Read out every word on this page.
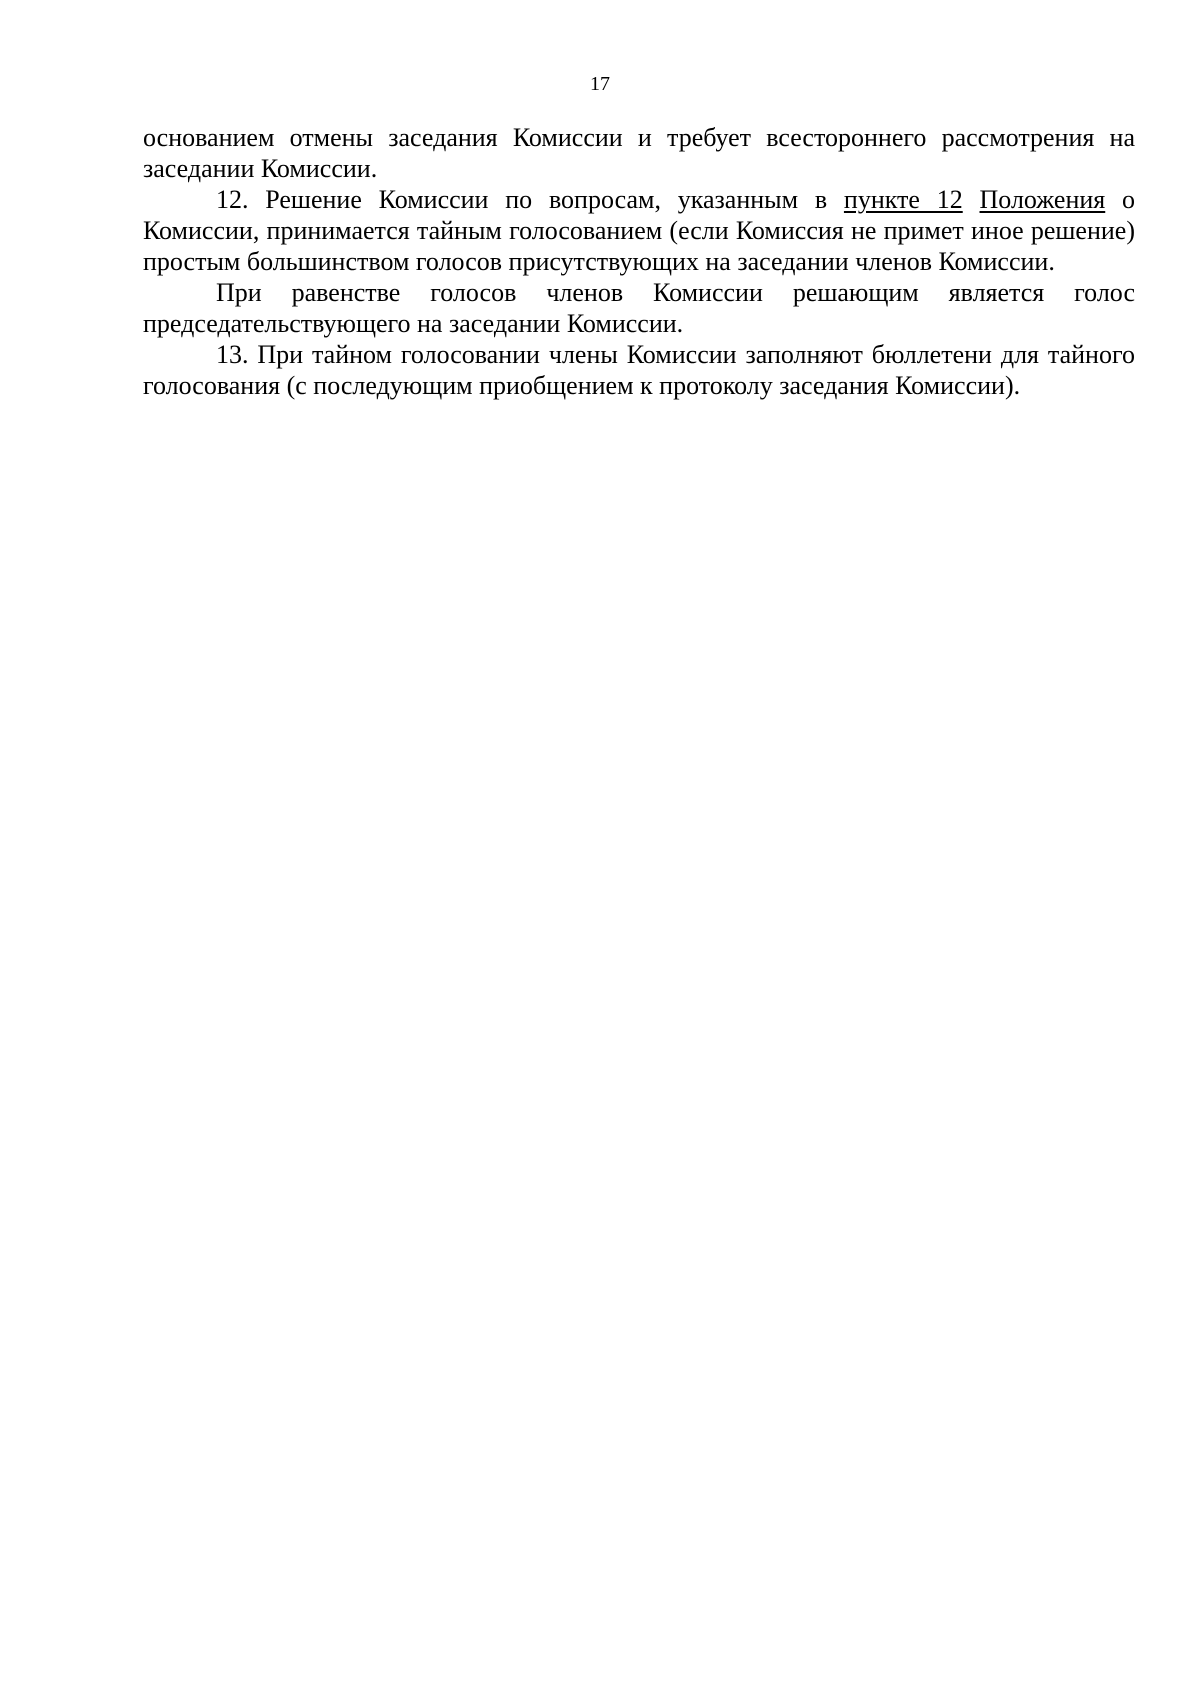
17

основанием отмены заседания Комиссии и требует всестороннего рассмотрения на заседании Комиссии.

12. Решение Комиссии по вопросам, указанным в пункте 12 Положения о Комиссии, принимается тайным голосованием (если Комиссия не примет иное решение) простым большинством голосов присутствующих на заседании членов Комиссии.

При равенстве голосов членов Комиссии решающим является голос председательствующего на заседании Комиссии.

13. При тайном голосовании члены Комиссии заполняют бюллетени для тайного голосования (с последующим приобщением к протоколу заседания Комиссии).
